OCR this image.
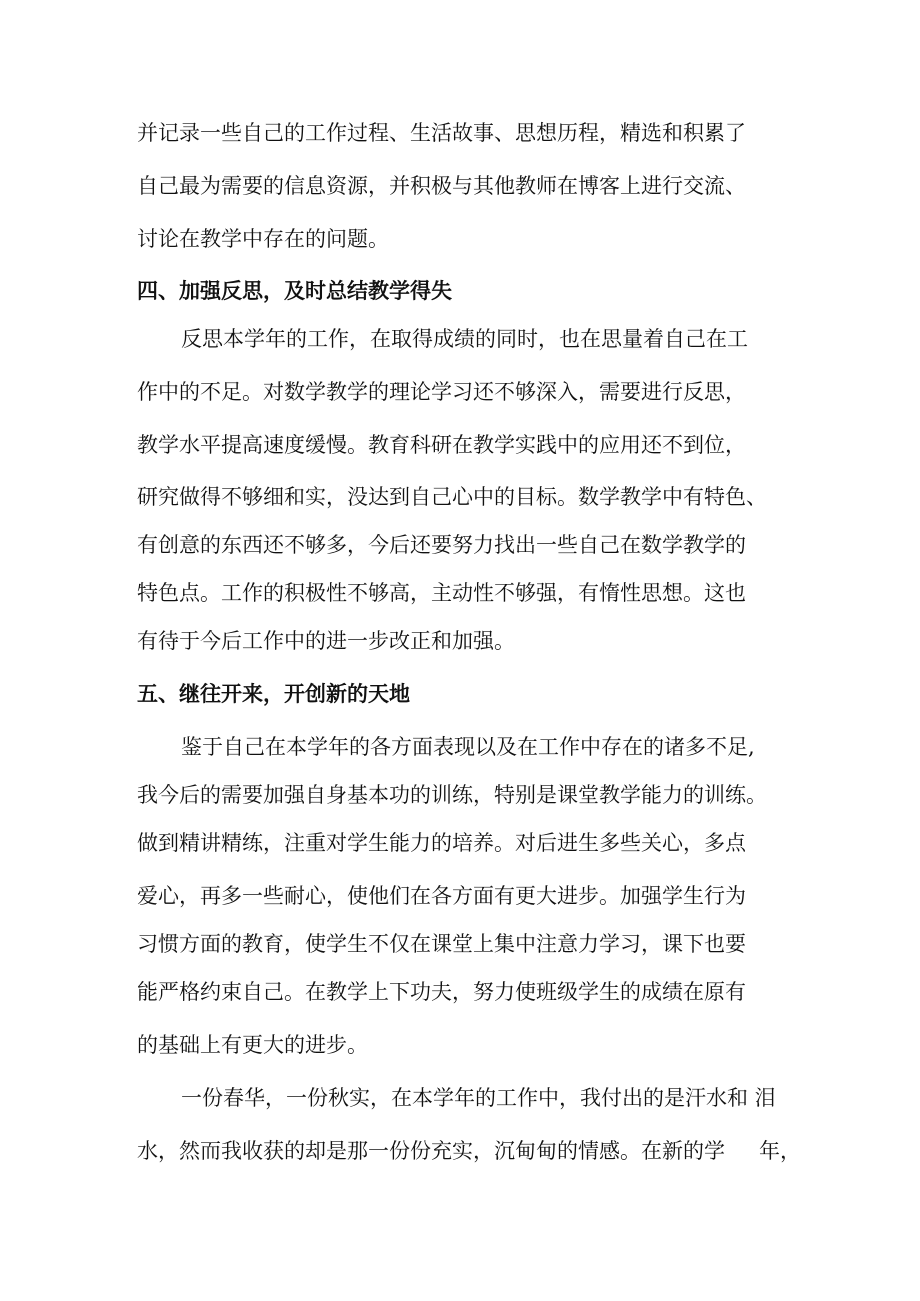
并记录一些自己的工作过程、生活故事、思想历程，精选和积累了
自己最为需要的信息资源，并积极与其他教师在博客上进行交流、
讨论在教学中存在的问题。
四、加强反思，及时总结教学得失
反思本学年的工作，在取得成绩的同时，也在思量着自己在工
作中的不足。对数学教学的理论学习还不够深入，需要进行反思，
教学水平提高速度缓慢。教育科研在教学实践中的应用还不到位，
研究做得不够细和实，没达到自己心中的目标。数学教学中有特色、
有创意的东西还不够多，今后还要努力找出一些自己在数学教学的
特色点。工作的积极性不够高，主动性不够强，有惰性思想。这也
有待于今后工作中的进一步改正和加强。
五、继往开来，开创新的天地
鉴于自己在本学年的各方面表现以及在工作中存在的诸多不足,
我今后的需要加强自身基本功的训练，特别是课堂教学能力的训练。
做到精讲精练，注重对学生能力的培养。对后进生多些关心，多点
爱心，再多一些耐心，使他们在各方面有更大进步。加强学生行为
习惯方面的教育，使学生不仅在课堂上集中注意力学习，课下也要
能严格约束自己。在教学上下功夫，努力使班级学生的成绩在原有
的基础上有更大的进步。
一份春华，一份秋实，在本学年的工作中，我付出的是汗水和 泪
水，然而我收获的却是那一份份充实，沉甸甸的情感。在新的学 年，
